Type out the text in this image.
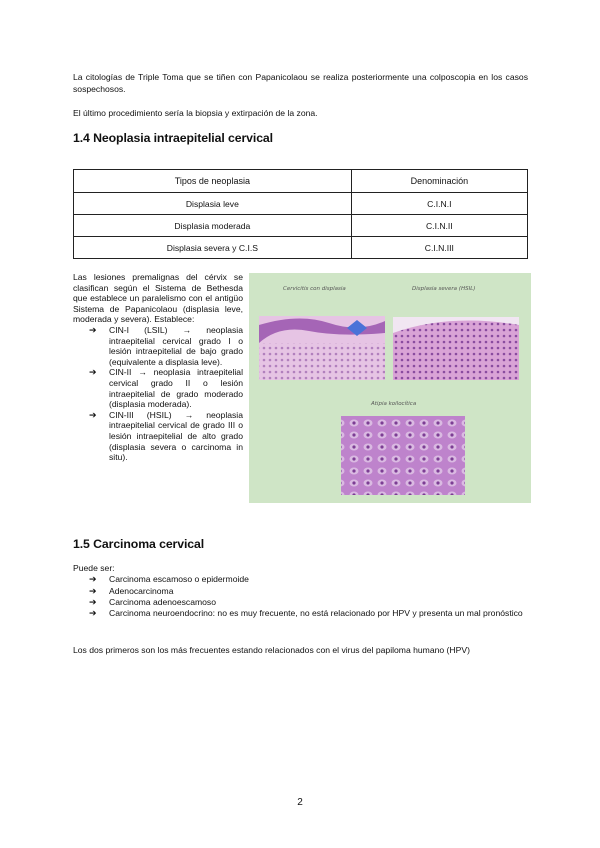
La citologías de Triple Toma que se tiñen con Papanicolaou se realiza posteriormente una colposcopia en los casos sospechosos.

El último procedimiento sería la biopsia y extirpación de la zona.

1.4 Neoplasia intraepitelial cervical
Tipos de neoplasia	Denominación
Displasia leve	C.I.N.I
Displasia moderada	C.I.N.II
Displasia severa y C.I.S	C.I.N.III

Las lesiones premalignas del cérvix se clasifican según el Sistema de Bethesda que establece un paralelismo con el antigüo Sistema de Papanicolaou (displasia leve, moderada y severa). Establece:

➔ CIN-I (LSIL) → neoplasia intraepitelial cervical grado I o lesión intraepitelial de bajo grado (equivalente a displasia leve).
➔ CIN-II → neoplasia intraepitelial cervical grado II o lesión intraepitelial de grado moderado (displasia moderada).
➔ CIN-III (HSIL) → neoplasia intraepitelial cervical de grado III o lesión intraepitelial de alto grado (displasia severa o carcinoma in situ).
Cervicitis con displasia	Displasia severa (HSIL)
Atipia koilocítica
1.5 Carcinoma cervical

Puede ser:

➔ Carcinoma escamoso o epidermoide
➔ Adenocarcinoma
➔ Carcinoma adenoescamoso
➔ Carcinoma neuroendocrino: no es muy frecuente, no está relacionado por HPV y presenta un mal pronóstico

Los dos primeros son los más frecuentes estando relacionados con el virus del papiloma humano (HPV)

2
